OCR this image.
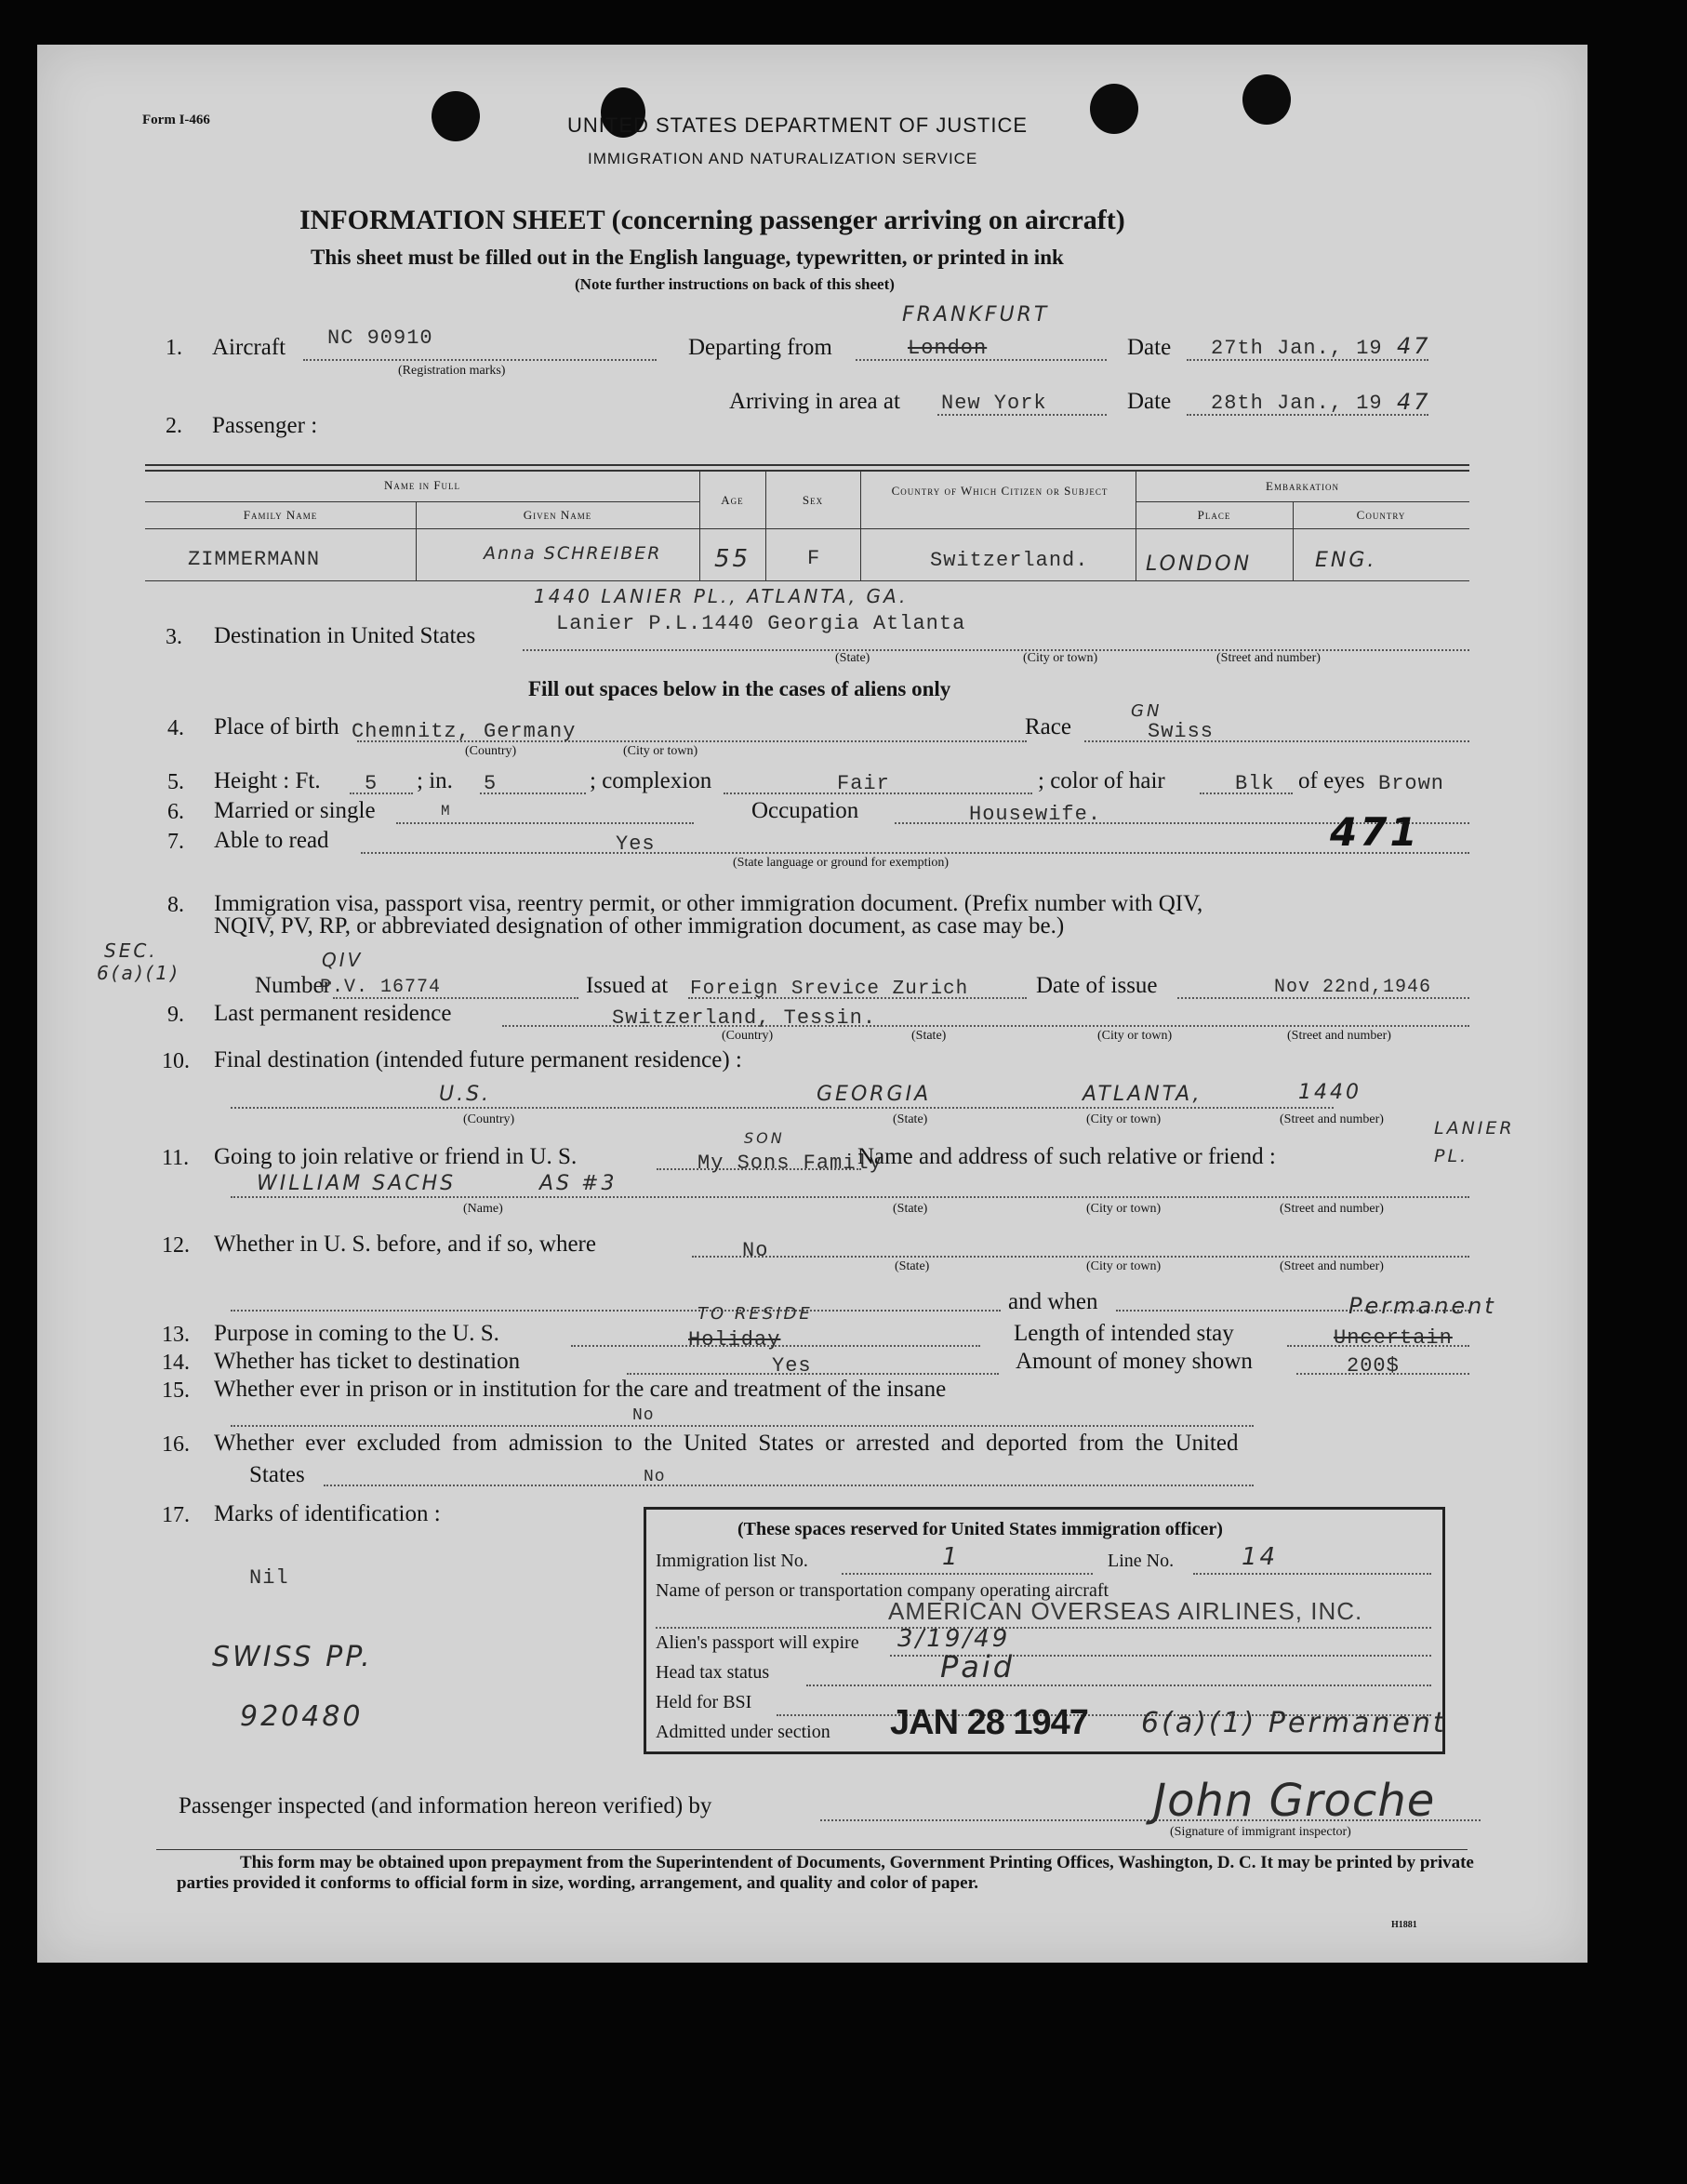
Form I-466	UNITED STATES DEPARTMENT OF JUSTICE
IMMIGRATION AND NATURALIZATION SERVICE
INFORMATION SHEET (concerning passenger arriving on aircraft)
This sheet must be filled out in the English language, typewritten, or printed in ink
(Note further instructions on back of this sheet)
1. Aircraft NC 90910
(Registration marks)
Departing from	London
FRANKFURT
Date 27th Jan., 19 47
2. Passenger :
Arriving in area at New York	Date 28th Jan., 19 47
Name in Full
Family Name	Given Name
Age	Sex
Country of Which Citizen or Subject	Embarkation
Place	Country
ZIMMERMANN	Anna SCHREIBER 55	F	Switzerland.	LONDON	ENG.
3. Destination in United States
1440 LANIER PL., ATLANTA, GA.
Lanier P.L.1440 Georgia Atlanta
(State)	(City or town)	(Street and number)
Fill out spaces below in the cases of aliens only
4. Place of birth Chemnitz, Germany
(Country)	(City or town)
Race
GN
Swiss
5. Height : Ft. 5 ; in. 5	; complexion	Fair	; color of hair	Blk of eyes Brown
6. Married or single	M	Occupation	Housewife.	471
7. Able to read	Yes
(State language or ground for exemption)
8. Immigration visa, passport visa, reentry permit, or other immigration document. (Prefix number with QIV,
NQIV, PV, RP, or abbreviated designation of other immigration document, as case may be.)
SEC.
6(a)(1)	Number
QIV
P.V. 16774	Issued at Foreign Srevice Zurich	Date of issue	Nov 22nd,1946
9. Last permanent residence	Switzerland, Tessin.
(Country)	(State)	(City or town)	(Street and number)
10. Final destination (intended future permanent residence) :
U.S.	GEORGIA	ATLANTA,	1440
LANIER PL.
(Country)	(State)	(City or town)	(Street and number)
11. Going to join relative or friend in U. S.
SON
My Sons Family
Name and address of such relative or friend :
WILLIAM SACHS	AS #3
(Name)	(State)	(City or town)	(Street and number)
12. Whether in U. S. before, and if so, where	No
(State)	(City or town)	(Street and number)
and when
13. Purpose in coming to the U. S.
TO RESIDE
Holiday	Length of intended stay
Permanent
Uncertain
14. Whether has ticket to destination	Yes	Amount of money shown	200$
15. Whether ever in prison or in institution for the care and treatment of the insane
No
16. Whether ever excluded from admission to the United States or arrested and deported from the United
States	No
17. Marks of identification :
Nil
SWISS PP.
920480
(These spaces reserved for United States immigration officer)
Immigration list No.	1	Line No.	14
Name of person or transportation company operating aircraft
AMERICAN OVERSEAS AIRLINES, INC.
Alien's passport will expire 3/19/49
Head tax status	Paid
Held for BSI
Admitted under section JAN 28 1947 6(a)(1) Permanent
Passenger inspected (and information hereon verified) by	John Groche
(Signature of immigrant inspector)
This form may be obtained upon prepayment from the Superintendent of Documents, Government Printing Offices, Washington, D. C. It may be printed by private parties provided it conforms to official form in size, wording, arrangement, and quality and color of paper.
H1881
